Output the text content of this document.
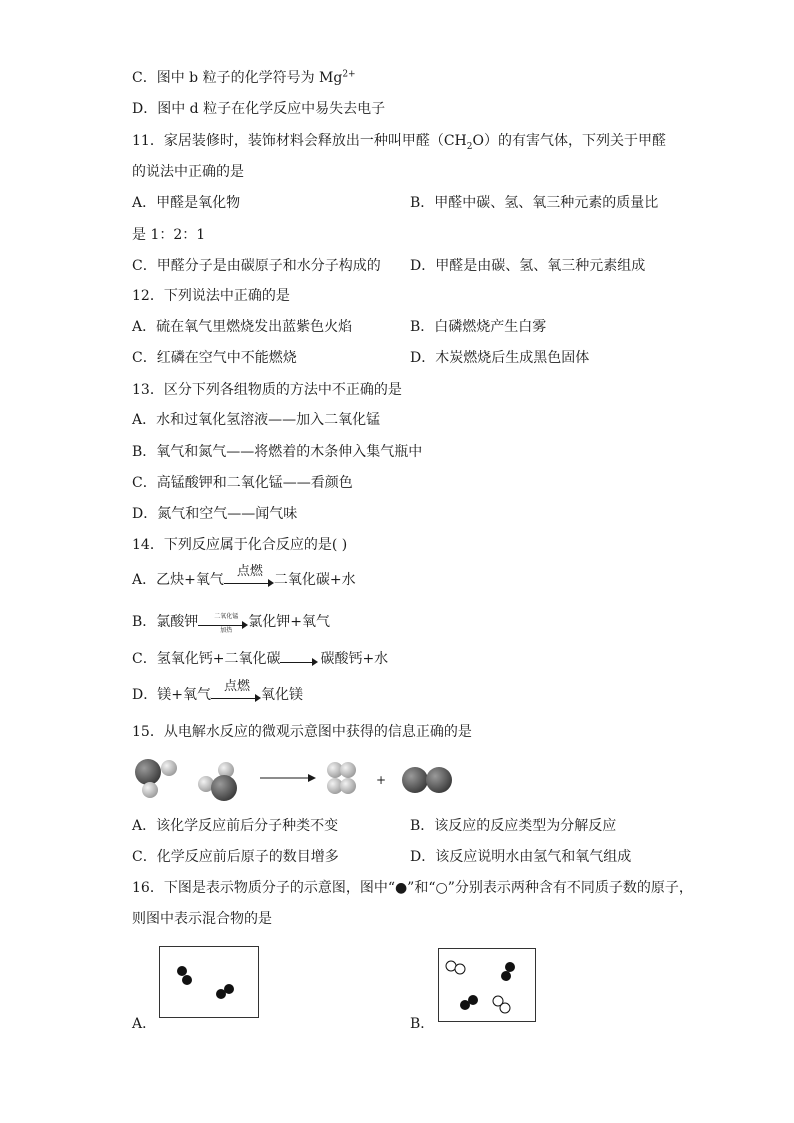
C．图中 b 粒子的化学符号为 $Mg^{2+}$
D．图中 d 粒子在化学反应中易失去电子
11．家居装修时，装饰材料会释放出一种叫甲醛$(CH_2O)$的有害气体，下列关于甲醛
的说法中正确的是
A．甲醛是氧化物	B．甲醛中碳、氢、氧三种元素的质量比
是 1：2：1
C．甲醛分子是由碳原子和水分子构成的 D．甲醛是由碳、氢、氧三种元素组成
12．下列说法中正确的是
A．硫在氧气里燃烧发出蓝紫色火焰	B．白磷燃烧产生白雾
C．红磷在空气中不能燃烧	D．木炭燃烧后生成黑色固体
13．区分下列各组物质的方法中不正确的是
A．水和过氧化氢溶液——加入二氧化锰
B．氧气和氮气——将燃着的木条伸入集气瓶中
C．高锰酸钾和二氧化锰——看颜色
D．氮气和空气——闻气味
14．下列反应属于化合反应的是( )
A．乙炔+氧气
点燃
二氧化碳+水
B．氯酸钾	二氧化锰
加热
氯化钾+氧气
C．氢氧化钙+二氧化碳	碳酸钙+水
D．镁+氧气
点燃
氧化镁
15．从电解水反应的微观示意图中获得的信息正确的是
+
A．该化学反应前后分子种类不变	B．该反应的反应类型为分解反应
C．化学反应前后原子的数目增多	D．该反应说明水由氢气和氧气组成
16．下图是表示物质分子的示意图，图中“●”和“○”分别表示两种含有不同质子数的原子，
则图中表示混合物的是
A．	B．
